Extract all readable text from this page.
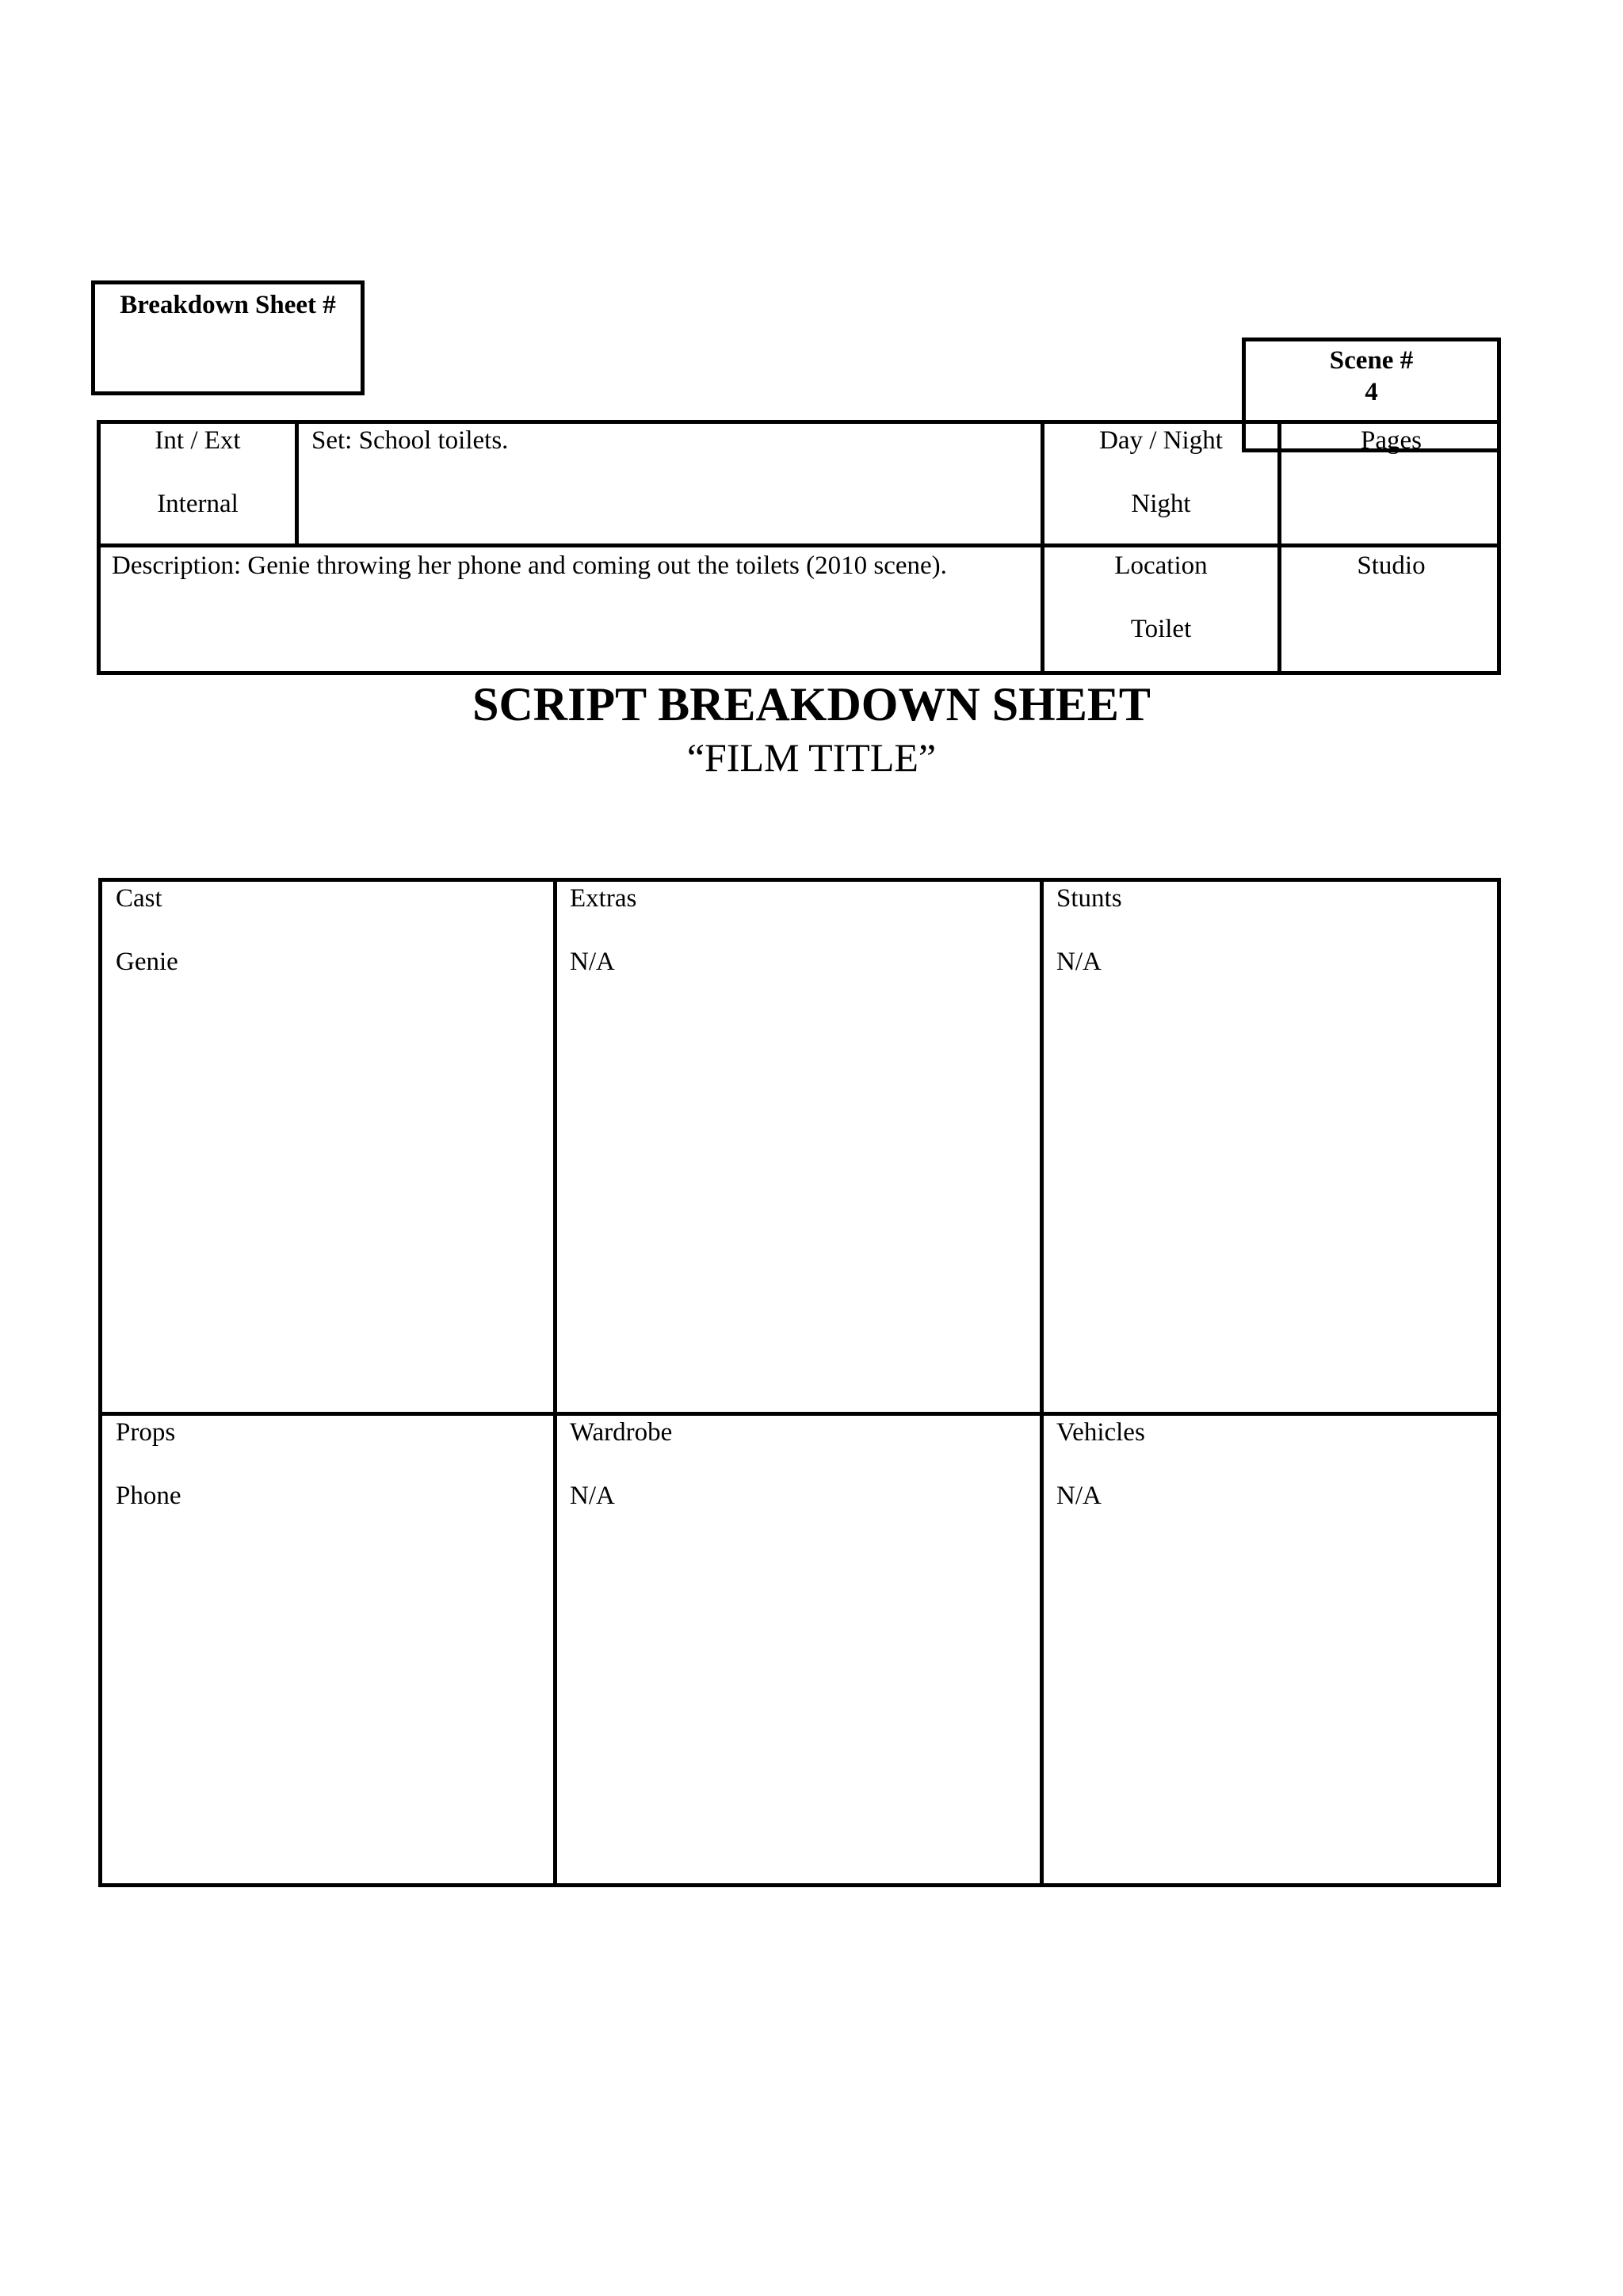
Breakdown Sheet #
Scene #
4
Int / Ext
Internal
Set: School toilets.	Day / Night
Night
Pages
Description: Genie throwing her phone and coming out the toilets (2010 scene).	Location
Toilet
Studio
SCRIPT BREAKDOWN SHEET
“FILM TITLE”
Cast
Genie
Extras
N/A
Stunts
N/A
Props
Phone
Wardrobe
N/A
Vehicles
N/A
